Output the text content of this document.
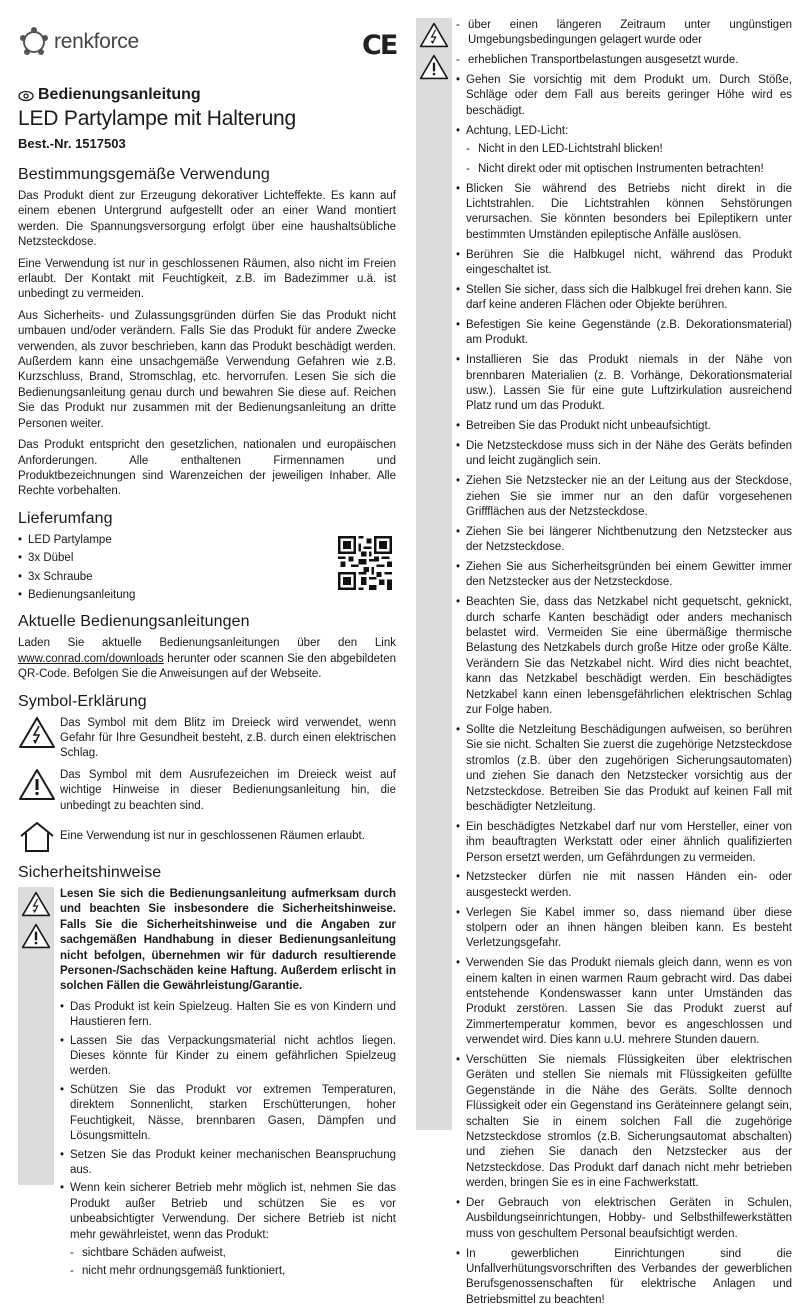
renkforce	CE
Bedienungsanleitung
LED Partylampe mit Halterung
Best.-Nr. 1517503
Bestimmungsgemäße Verwendung

Das Produkt dient zur Erzeugung dekorativer Lichteffekte. Es kann auf einem ebenen Untergrund aufgestellt oder an einer Wand montiert werden. Die Spannungsversorgung erfolgt über eine haushaltsübliche Netzsteckdose.

Eine Verwendung ist nur in geschlossenen Räumen, also nicht im Freien erlaubt. Der Kontakt mit Feuchtigkeit, z.B. im Badezimmer u.ä. ist unbedingt zu vermeiden.

Aus Sicherheits- und Zulassungsgründen dürfen Sie das Produkt nicht umbauen und/oder verändern. Falls Sie das Produkt für andere Zwecke verwenden, als zuvor beschrieben, kann das Produkt beschädigt werden. Außerdem kann eine unsachgemäße Verwendung Gefahren wie z.B. Kurzschluss, Brand, Stromschlag, etc. hervorrufen. Lesen Sie sich die Bedienungsanleitung genau durch und bewahren Sie diese auf. Reichen Sie das Produkt nur zusammen mit der Bedienungsanleitung an dritte Personen weiter.

Das Produkt entspricht den gesetzlichen, nationalen und europäischen Anforderungen. Alle enthaltenen Firmennamen und Produktbezeichnungen sind Warenzeichen der jeweiligen Inhaber. Alle Rechte vorbehalten.

Lieferumfang
• LED Partylampe
• 3x Dübel
• 3x Schraube
• Bedienungsanleitung
Aktuelle Bedienungsanleitungen

Laden Sie aktuelle Bedienungsanleitungen über den Link www.conrad.com/downloads herunter oder scannen Sie den abgebildeten QR-Code. Befolgen Sie die Anweisungen auf der Webseite.

Symbol-Erklärung

Das Symbol mit dem Blitz im Dreieck wird verwendet, wenn Gefahr für Ihre Gesundheit besteht, z.B. durch einen elektrischen Schlag.

Das Symbol mit dem Ausrufezeichen im Dreieck weist auf wichtige Hinweise in dieser Bedienungsanleitung hin, die unbedingt zu beachten sind.

Eine Verwendung ist nur in geschlossenen Räumen erlaubt.

Sicherheitshinweise
Lesen Sie sich die Bedienungsanleitung aufmerksam durch und beachten Sie insbesondere die Sicherheitshinweise. Falls Sie die Sicherheitshinweise und die Angaben zur sachgemäßen Handhabung in dieser Bedienungsanleitung nicht befolgen, übernehmen wir für dadurch resultierende Personen-/Sachschäden keine Haftung. Außerdem erlischt in solchen Fällen die Gewährleistung/Garantie.
• Das Produkt ist kein Spielzeug. Halten Sie es von Kindern und Haustieren fern.
• Lassen Sie das Verpackungsmaterial nicht achtlos liegen. Dieses könnte für Kinder zu einem gefährlichen Spielzeug werden.
• Schützen Sie das Produkt vor extremen Temperaturen, direktem Sonnenlicht, starken Erschütterungen, hoher Feuchtigkeit, Nässe, brennbaren Gasen, Dämpfen und Lösungsmitteln.
• Setzen Sie das Produkt keiner mechanischen Beanspruchung aus.
• Wenn kein sicherer Betrieb mehr möglich ist, nehmen Sie das Produkt außer Betrieb und schützen Sie es vor unbeabsichtigter Verwendung. Der sichere Betrieb ist nicht mehr gewährleistet, wenn das Produkt:
- sichtbare Schäden aufweist,
- nicht mehr ordnungsgemäß funktioniert,
- über einen längeren Zeitraum unter ungünstigen Umgebungsbedingungen gelagert wurde oder
- erheblichen Transportbelastungen ausgesetzt wurde.
• Gehen Sie vorsichtig mit dem Produkt um. Durch Stöße, Schläge oder dem Fall aus bereits geringer Höhe wird es beschädigt.
• Achtung, LED-Licht:
- Nicht in den LED-Lichtstrahl blicken!
- Nicht direkt oder mit optischen Instrumenten betrachten!
• Blicken Sie während des Betriebs nicht direkt in die Lichtstrahlen. Die Lichtstrahlen können Sehstörungen verursachen. Sie könnten besonders bei Epileptikern unter bestimmten Umständen epileptische Anfälle auslösen.
• Berühren Sie die Halbkugel nicht, während das Produkt eingeschaltet ist.
• Stellen Sie sicher, dass sich die Halbkugel frei drehen kann. Sie darf keine anderen Flächen oder Objekte berühren.
• Befestigen Sie keine Gegenstände (z.B. Dekorationsmaterial) am Produkt.
• Installieren Sie das Produkt niemals in der Nähe von brennbaren Materialien (z. B. Vorhänge, Dekorationsmaterial usw.). Lassen Sie für eine gute Luftzirkulation ausreichend Platz rund um das Produkt.
• Betreiben Sie das Produkt nicht unbeaufsichtigt.
• Die Netzsteckdose muss sich in der Nähe des Geräts befinden und leicht zugänglich sein.
• Ziehen Sie Netzstecker nie an der Leitung aus der Steckdose, ziehen Sie sie immer nur an den dafür vorgesehenen Griffflächen aus der Netzsteckdose.
• Ziehen Sie bei längerer Nichtbenutzung den Netzstecker aus der Netzsteckdose.
• Ziehen Sie aus Sicherheitsgründen bei einem Gewitter immer den Netzstecker aus der Netzsteckdose.
• Beachten Sie, dass das Netzkabel nicht gequetscht, geknickt, durch scharfe Kanten beschädigt oder anders mechanisch belastet wird. Vermeiden Sie eine übermäßige thermische Belastung des Netzkabels durch große Hitze oder große Kälte. Verändern Sie das Netzkabel nicht. Wird dies nicht beachtet, kann das Netzkabel beschädigt werden. Ein beschädigtes Netzkabel kann einen lebensgefährlichen elektrischen Schlag zur Folge haben.
• Sollte die Netzleitung Beschädigungen aufweisen, so berühren Sie sie nicht. Schalten Sie zuerst die zugehörige Netzsteckdose stromlos (z.B. über den zugehörigen Sicherungsautomaten) und ziehen Sie danach den Netzstecker vorsichtig aus der Netzsteckdose. Betreiben Sie das Produkt auf keinen Fall mit beschädigter Netzleitung.
• Ein beschädigtes Netzkabel darf nur vom Hersteller, einer von ihm beauftragten Werkstatt oder einer ähnlich qualifizierten Person ersetzt werden, um Gefährdungen zu vermeiden.
• Netzstecker dürfen nie mit nassen Händen ein- oder ausgesteckt werden.
• Verlegen Sie Kabel immer so, dass niemand über diese stolpern oder an ihnen hängen bleiben kann. Es besteht Verletzungsgefahr.
• Verwenden Sie das Produkt niemals gleich dann, wenn es von einem kalten in einen warmen Raum gebracht wird. Das dabei entstehende Kondenswasser kann unter Umständen das Produkt zerstören. Lassen Sie das Produkt zuerst auf Zimmertemperatur kommen, bevor es angeschlossen und verwendet wird. Dies kann u.U. mehrere Stunden dauern.
• Verschütten Sie niemals Flüssigkeiten über elektrischen Geräten und stellen Sie niemals mit Flüssigkeiten gefüllte Gegenstände in die Nähe des Geräts. Sollte dennoch Flüssigkeit oder ein Gegenstand ins Geräteinnere gelangt sein, schalten Sie in einem solchen Fall die zugehörige Netzsteckdose stromlos (z.B. Sicherungsautomat abschalten) und ziehen Sie danach den Netzstecker aus der Netzsteckdose. Das Produkt darf danach nicht mehr betrieben werden, bringen Sie es in eine Fachwerkstatt.
• Der Gebrauch von elektrischen Geräten in Schulen, Ausbildungseinrichtungen, Hobby- und Selbsthilfewerkstätten muss von geschultem Personal beaufsichtigt werden.
• In gewerblichen Einrichtungen sind die Unfallverhütungsvorschriften des Verbandes der gewerblichen Berufsgenossenschaften für elektrische Anlagen und Betriebsmittel zu beachten!
